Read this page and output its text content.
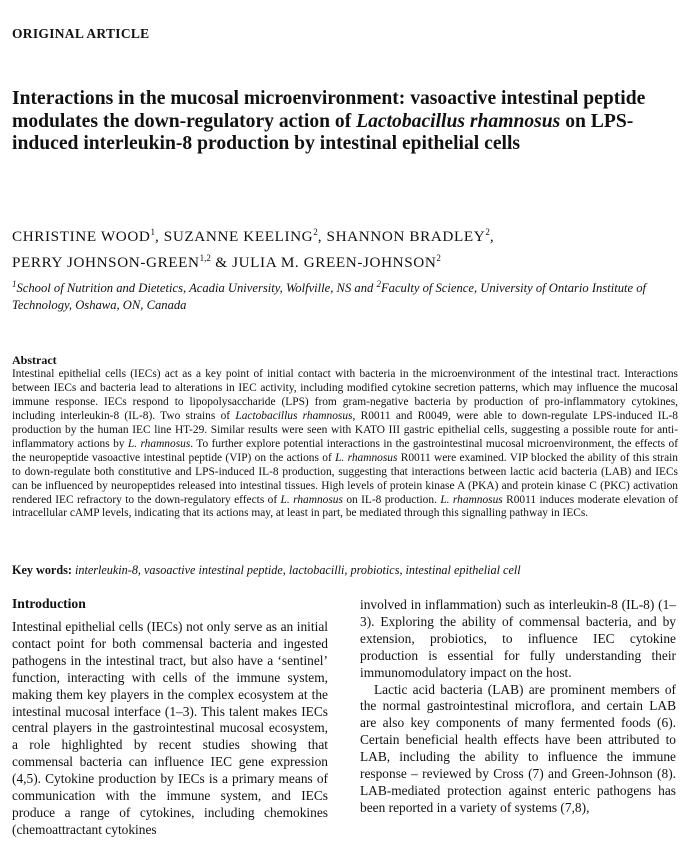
ORIGINAL ARTICLE
Interactions in the mucosal microenvironment: vasoactive intestinal peptide modulates the down-regulatory action of Lactobacillus rhamnosus on LPS-induced interleukin-8 production by intestinal epithelial cells
CHRISTINE WOOD$^1$, SUZANNE KEELING$^2$, SHANNON BRADLEY$^2$,
PERRY JOHNSON-GREEN$^{1,2}$ & JULIA M. GREEN-JOHNSON$^2$
$^1$School of Nutrition and Dietetics, Acadia University, Wolfville, NS and $^2$Faculty of Science, University of Ontario Institute of Technology, Oshawa, ON, Canada
Abstract
Intestinal epithelial cells (IECs) act as a key point of initial contact with bacteria in the microenvironment of the intestinal tract. Interactions between IECs and bacteria lead to alterations in IEC activity, including modified cytokine secretion patterns, which may influence the mucosal immune response. IECs respond to lipopolysaccharide (LPS) from gram-negative bacteria by production of pro-inflammatory cytokines, including interleukin-8 (IL-8). Two strains of Lactobacillus rhamnosus, R0011 and R0049, were able to down-regulate LPS-induced IL-8 production by the human IEC line HT-29. Similar results were seen with KATO III gastric epithelial cells, suggesting a possible route for anti-inflammatory actions by L. rhamnosus. To further explore potential interactions in the gastrointestinal mucosal microenvironment, the effects of the neuropeptide vasoactive intestinal peptide (VIP) on the actions of L. rhamnosus R0011 were examined. VIP blocked the ability of this strain to down-regulate both constitutive and LPS-induced IL-8 production, suggesting that interactions between lactic acid bacteria (LAB) and IECs can be influenced by neuropeptides released into intestinal tissues. High levels of protein kinase A (PKA) and protein kinase C (PKC) activation rendered IEC refractory to the down-regulatory effects of L. rhamnosus on IL-8 production. L. rhamnosus R0011 induces moderate elevation of intracellular cAMP levels, indicating that its actions may, at least in part, be mediated through this signalling pathway in IECs.
Key words: interleukin-8, vasoactive intestinal peptide, lactobacilli, probiotics, intestinal epithelial cell
Introduction

Intestinal epithelial cells (IECs) not only serve as an initial contact point for both commensal bacteria and ingested pathogens in the intestinal tract, but also have a ‘sentinel’ function, interacting with cells of the immune system, making them key players in the complex ecosystem at the intestinal mucosal interface (1–3). This talent makes IECs central players in the gastrointestinal mucosal ecosystem, a role highlighted by recent studies showing that commensal bacteria can influence IEC gene expression (4,5). Cytokine production by IECs is a primary means of communication with the immune system, and IECs produce a range of cytokines, including chemokines (chemoattractant cytokines

involved in inflammation) such as interleukin-8 (IL-8) (1–3). Exploring the ability of commensal bacteria, and by extension, probiotics, to influence IEC cytokine production is essential for fully understanding their immunomodulatory impact on the host.

Lactic acid bacteria (LAB) are prominent members of the normal gastrointestinal microflora, and certain LAB are also key components of many fermented foods (6). Certain beneficial health effects have been attributed to LAB, including the ability to influence the immune response – reviewed by Cross (7) and Green-Johnson (8). LAB-mediated protection against enteric pathogens has been reported in a variety of systems (7,8),
